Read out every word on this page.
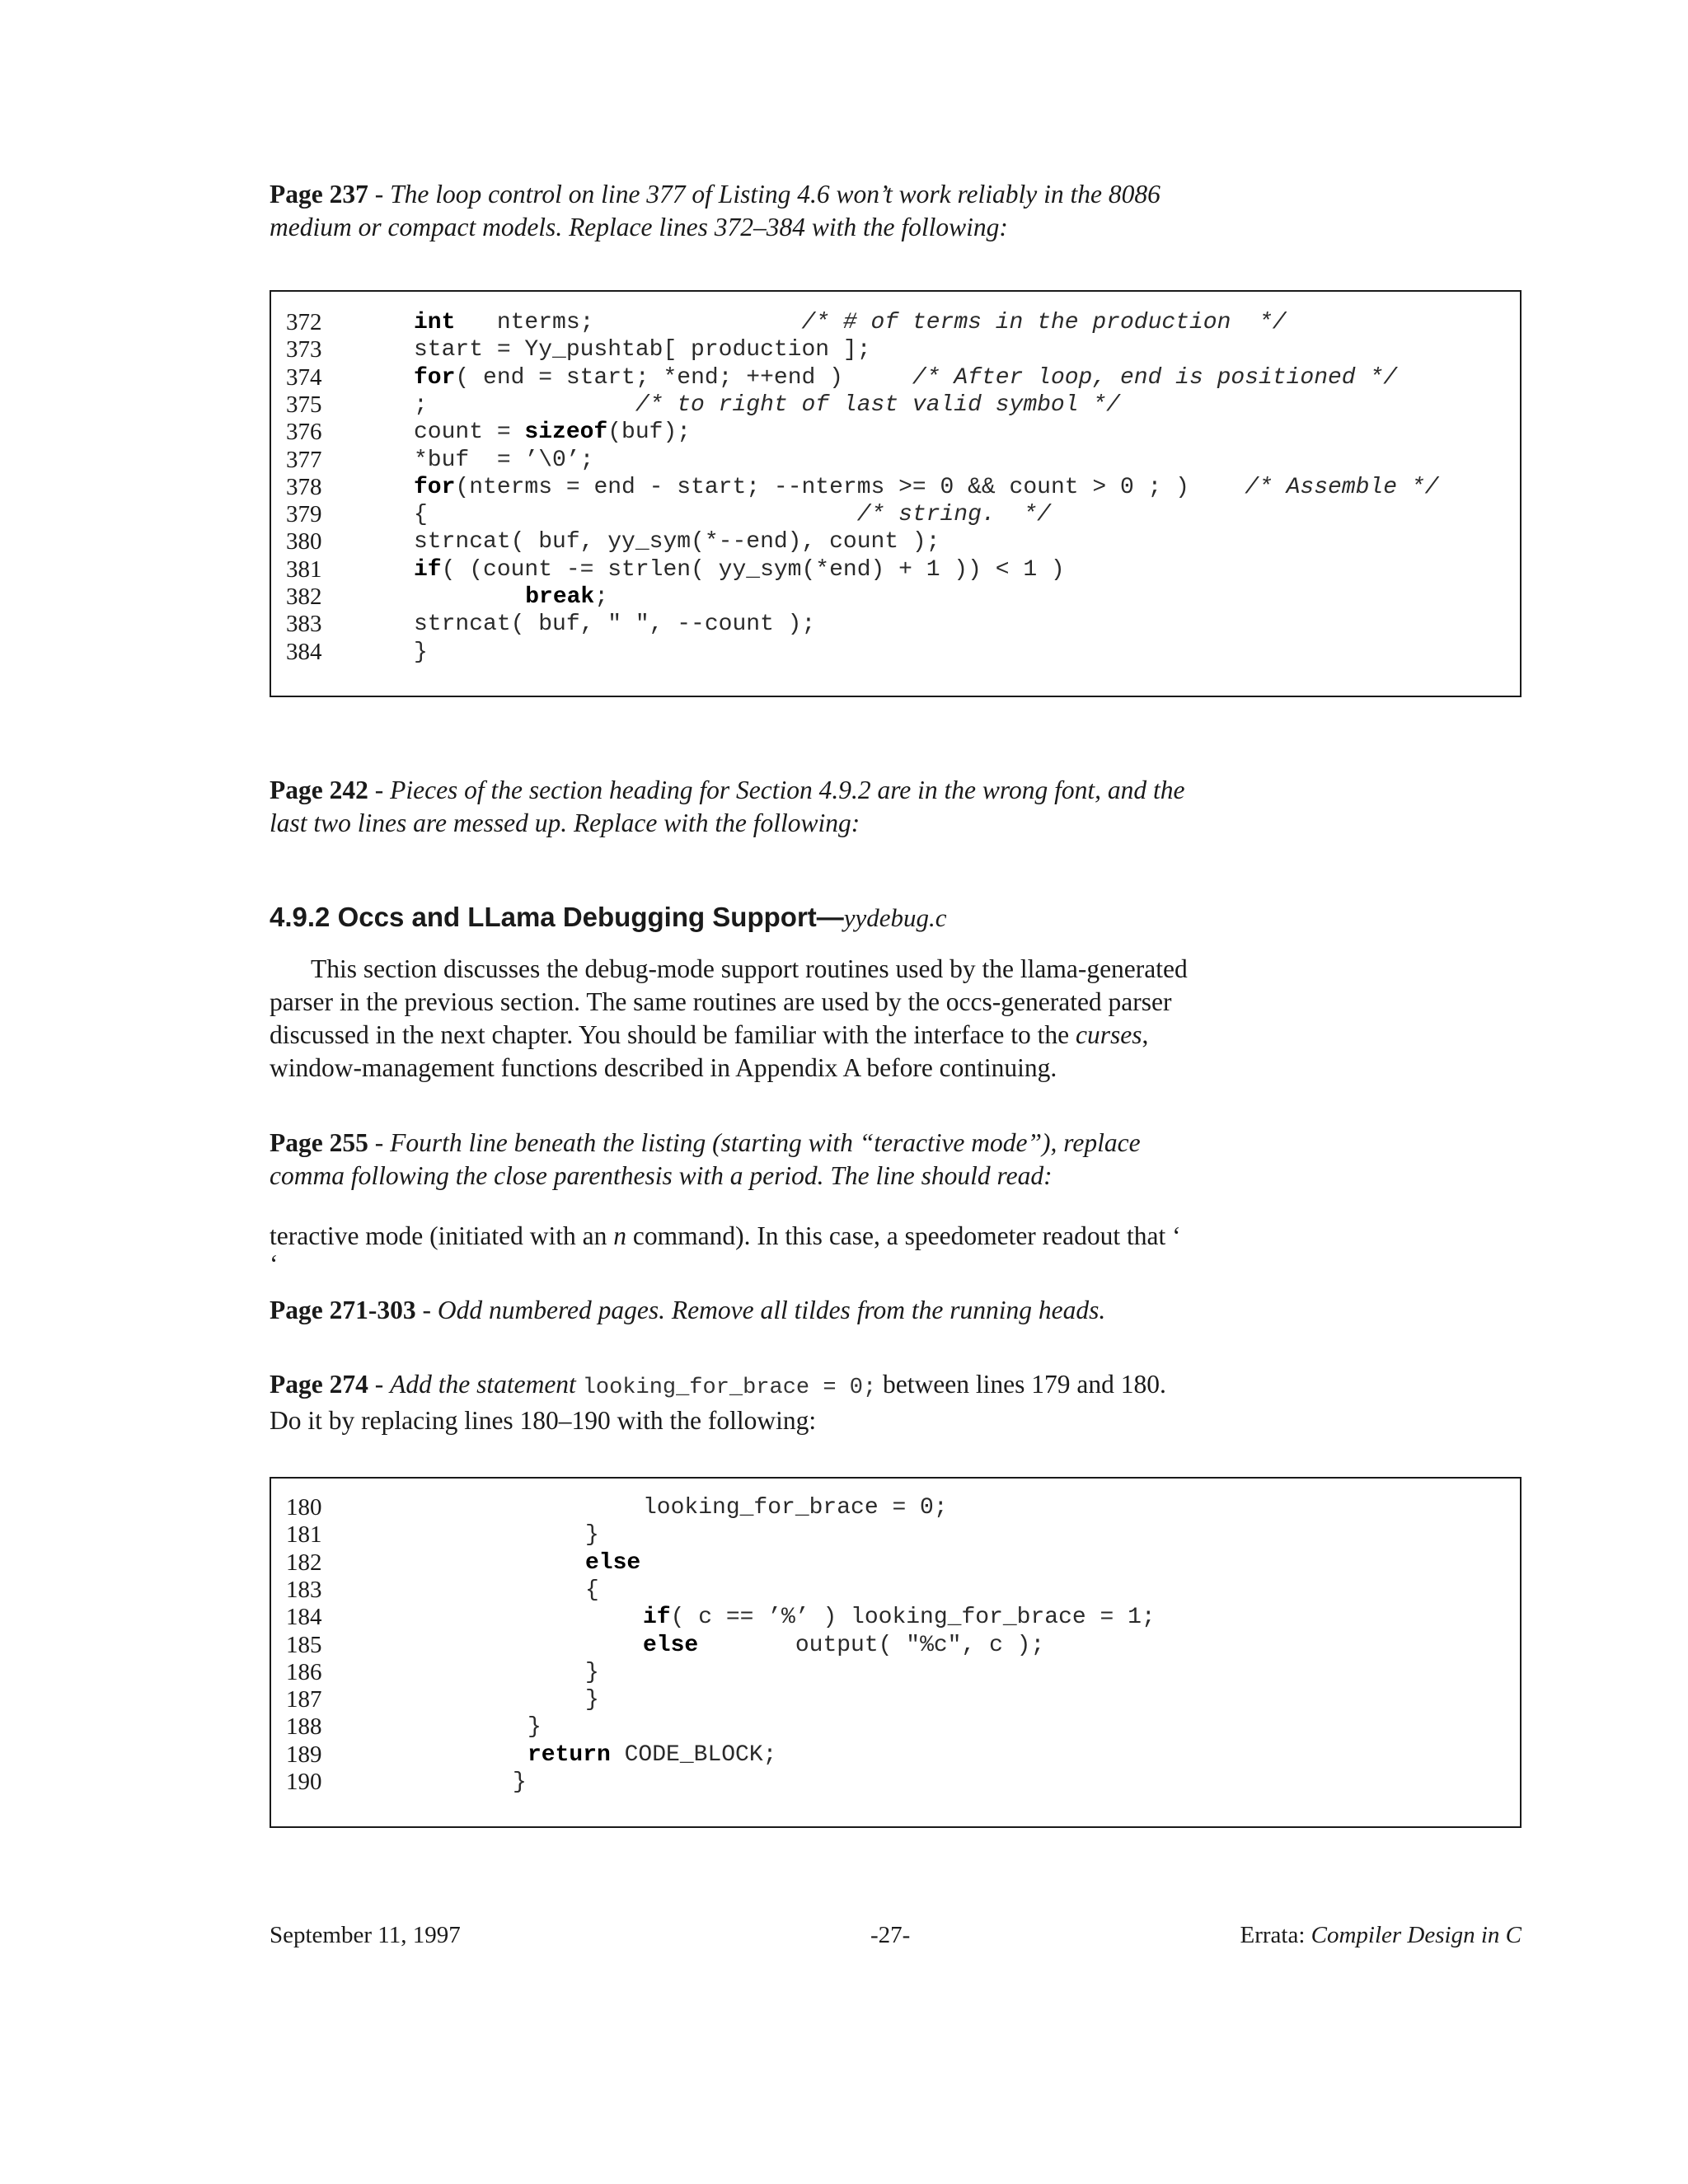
Page 237 - The loop control on line 377 of Listing 4.6 won’t work reliably in the 8086
medium or compact models. Replace lines 372–384 with the following:
372	int   nterms;               /* # of terms in the production  */
373	start = Yy_pushtab[ production ];
374	for( end = start; *end; ++end )     /* After loop, end is positioned */
375	;               /* to right of last valid symbol */
376	count = sizeof(buf);
377	*buf  = ’\0’;
378	for(nterms = end - start; --nterms >= 0 && count > 0 ; )    /* Assemble */
379	{                               /* string.  */
380	strncat( buf, yy_sym(*--end), count );
381	if( (count -= strlen( yy_sym(*end) + 1 )) < 1 )
382	break;
383	strncat( buf, " ", --count );
384	}
Page 242 - Pieces of the section heading for Section 4.9.2 are in the wrong font, and the
last two lines are messed up. Replace with the following:
4.9.2 Occs and LLama Debugging Support—yydebug.c
This section discusses the debug-mode support routines used by the llama-generated
parser in the previous section. The same routines are used by the occs-generated parser
discussed in the next chapter. You should be familiar with the interface to the curses,
window-management functions described in Appendix A before continuing.
Page 255 - Fourth line beneath the listing (starting with “teractive mode”), replace
comma following the close parenthesis with a period. The line should read:
teractive mode (initiated with an n command). In this case, a speedometer readout that ‘
‘
Page 271-303 - Odd numbered pages. Remove all tildes from the running heads.
Page 274 - Add the statement looking_for_brace = 0; between lines 179 and 180.
Do it by replacing lines 180–190 with the following:
180	looking_for_brace = 0;
181	}
182	else
183	{
184	if( c == ’%’ ) looking_for_brace = 1;
185	else       output( "%c", c );
186	}
187	}
188	}
189	return CODE_BLOCK;
190	}
September 11, 1997	-27-	Errata: Compiler Design in C
